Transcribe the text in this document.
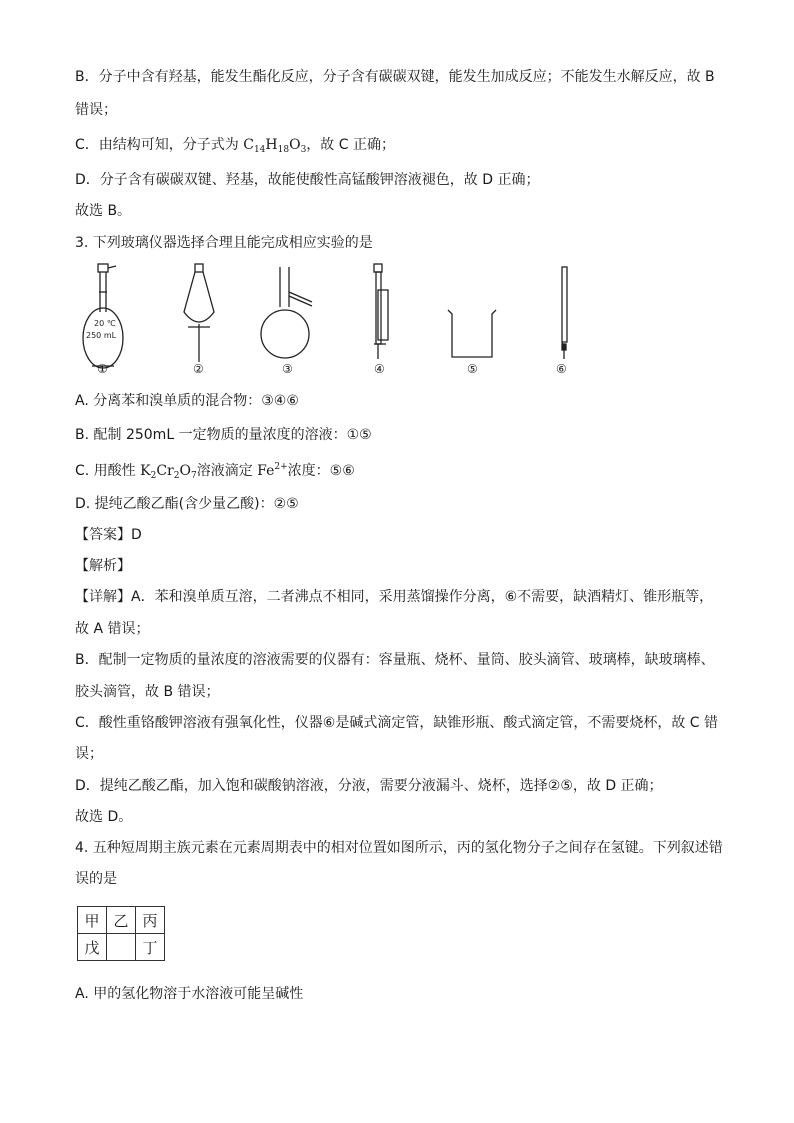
B．分子中含有羟基，能发生酯化反应，分子含有碳碳双键，能发生加成反应；不能发生水解反应，故 B
错误；
C．由结构可知，分子式为 $C_{14}H_{18}O_3$，故 C 正确；
D．分子含有碳碳双键、羟基，故能使酸性高锰酸钾溶液褪色，故 D 正确；
故选 B。
3. 下列玻璃仪器选择合理且能完成相应实验的是
20 ℃
250 mL
①	②	③	④	⑤	⑥
A. 分离苯和溴单质的混合物：③④⑥
B. 配制 250mL 一定物质的量浓度的溶液：①⑤
C. 用酸性 $K_2Cr_2O_7$溶液滴定 $Fe^{2+}$浓度：⑤⑥
D. 提纯乙酸乙酯(含少量乙酸)：②⑤
【答案】D
【解析】
【详解】A．苯和溴单质互溶，二者沸点不相同，采用蒸馏操作分离，⑥不需要，缺酒精灯、锥形瓶等，
故 A 错误；
B．配制一定物质的量浓度的溶液需要的仪器有：容量瓶、烧杯、量筒、胶头滴管、玻璃棒，缺玻璃棒、
胶头滴管，故 B 错误；
C．酸性重铬酸钾溶液有强氧化性，仪器⑥是碱式滴定管，缺锥形瓶、酸式滴定管，不需要烧杯，故 C 错
误；
D．提纯乙酸乙酯，加入饱和碳酸钠溶液，分液，需要分液漏斗、烧杯，选择②⑤，故 D 正确；
故选 D。
4. 五种短周期主族元素在元素周期表中的相对位置如图所示，丙的氢化物分子之间存在氢键。下列叙述错
误的是
甲	乙	丙
戊		丁
A. 甲的氢化物溶于水溶液可能呈碱性
